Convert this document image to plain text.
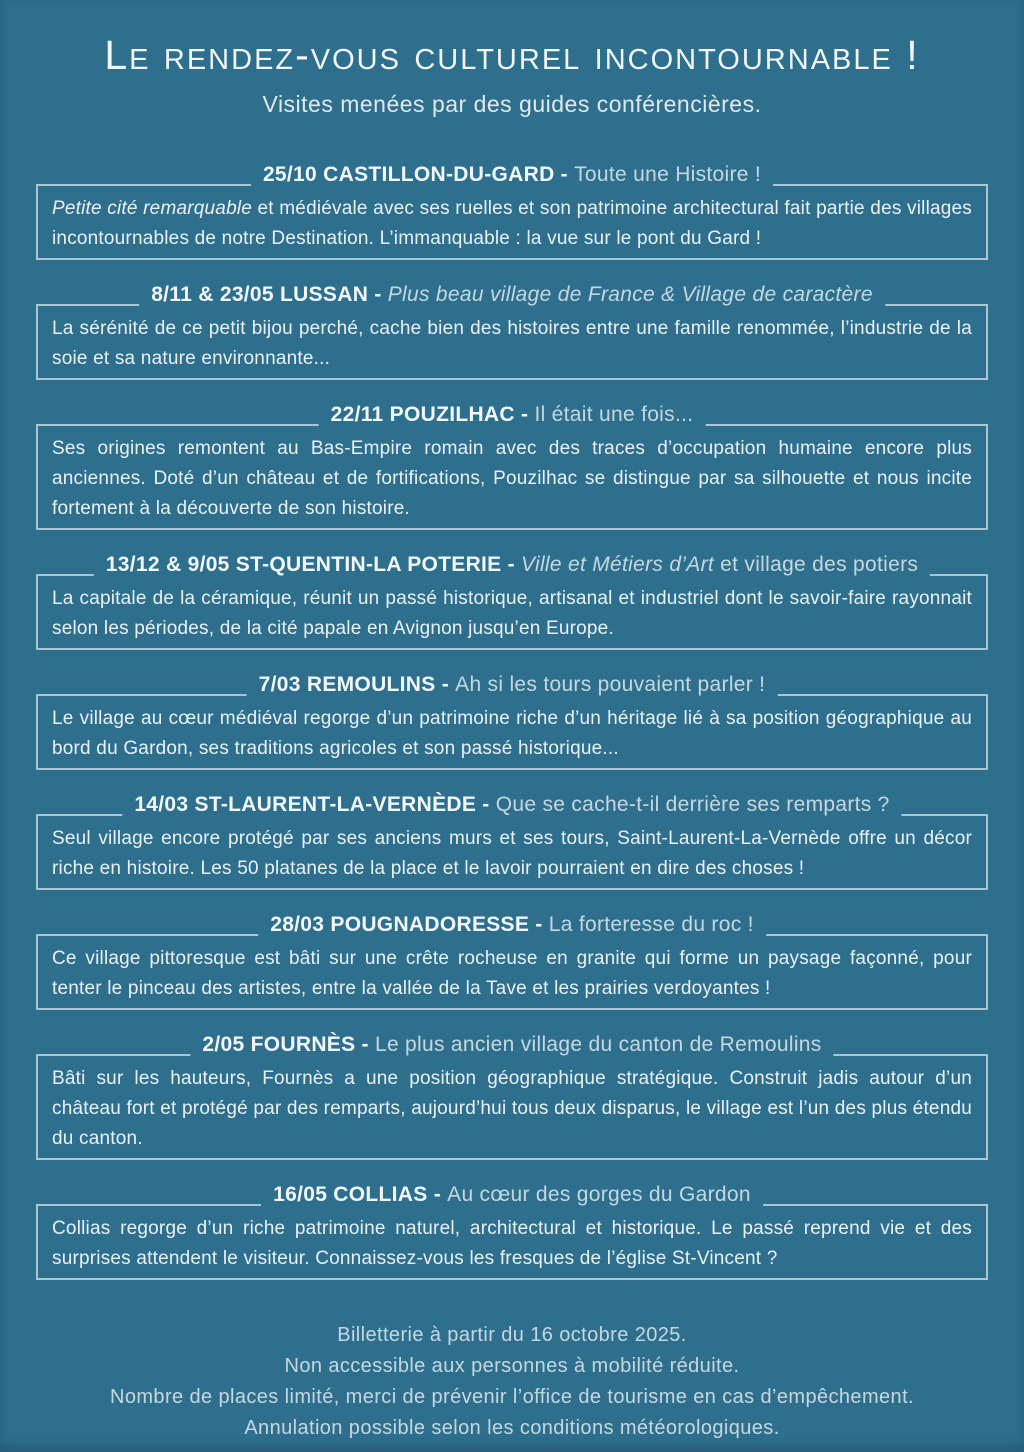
Le rendez-vous culturel incontournable !

Visites menées par des guides conférencières.

25/10 CASTILLON-DU-GARD - Toute une Histoire !

Petite cité remarquable et médiévale avec ses ruelles et son patrimoine architectural fait partie des villages incontournables de notre Destination. L’immanquable : la vue sur le pont du Gard !

8/11 & 23/05 LUSSAN - Plus beau village de France & Village de caractère

La sérénité de ce petit bijou perché, cache bien des histoires entre une famille renommée, l’industrie de la soie et sa nature environnante...

22/11 POUZILHAC - Il était une fois...

Ses origines remontent au Bas-Empire romain avec des traces d’occupation humaine encore plus anciennes. Doté d’un château et de fortifications, Pouzilhac se distingue par sa silhouette et nous incite fortement à la découverte de son histoire.

13/12 & 9/05 ST-QUENTIN-LA POTERIE - Ville et Métiers d’Art et village des potiers

La capitale de la céramique, réunit un passé historique, artisanal et industriel dont le savoir-faire rayonnait selon les périodes, de la cité papale en Avignon jusqu’en Europe.

7/03 REMOULINS - Ah si les tours pouvaient parler !

Le village au cœur médiéval regorge d’un patrimoine riche d’un héritage lié à sa position géographique au bord du Gardon, ses traditions agricoles et son passé historique...

14/03 ST-LAURENT-LA-VERNÈDE - Que se cache-t-il derrière ses remparts ?

Seul village encore protégé par ses anciens murs et ses tours, Saint-Laurent-La-Vernède offre un décor riche en histoire. Les 50 platanes de la place et le lavoir pourraient en dire des choses !

28/03 POUGNADORESSE - La forteresse du roc !

Ce village pittoresque est bâti sur une crête rocheuse en granite qui forme un paysage façonné, pour tenter le pinceau des artistes, entre la vallée de la Tave et les prairies verdoyantes !

2/05 FOURNÈS - Le plus ancien village du canton de Remoulins

Bâti sur les hauteurs, Fournès a une position géographique stratégique. Construit jadis autour d’un château fort et protégé par des remparts, aujourd’hui tous deux disparus, le village est l’un des plus étendu du canton.

16/05 COLLIAS - Au cœur des gorges du Gardon

Collias regorge d’un riche patrimoine naturel, architectural et historique. Le passé reprend vie et des surprises attendent le visiteur. Connaissez-vous les fresques de l’église St-Vincent ?

Billetterie à partir du 16 octobre 2025.
Non accessible aux personnes à mobilité réduite.
Nombre de places limité, merci de prévenir l’office de tourisme en cas d’empêchement.
Annulation possible selon les conditions météorologiques.
